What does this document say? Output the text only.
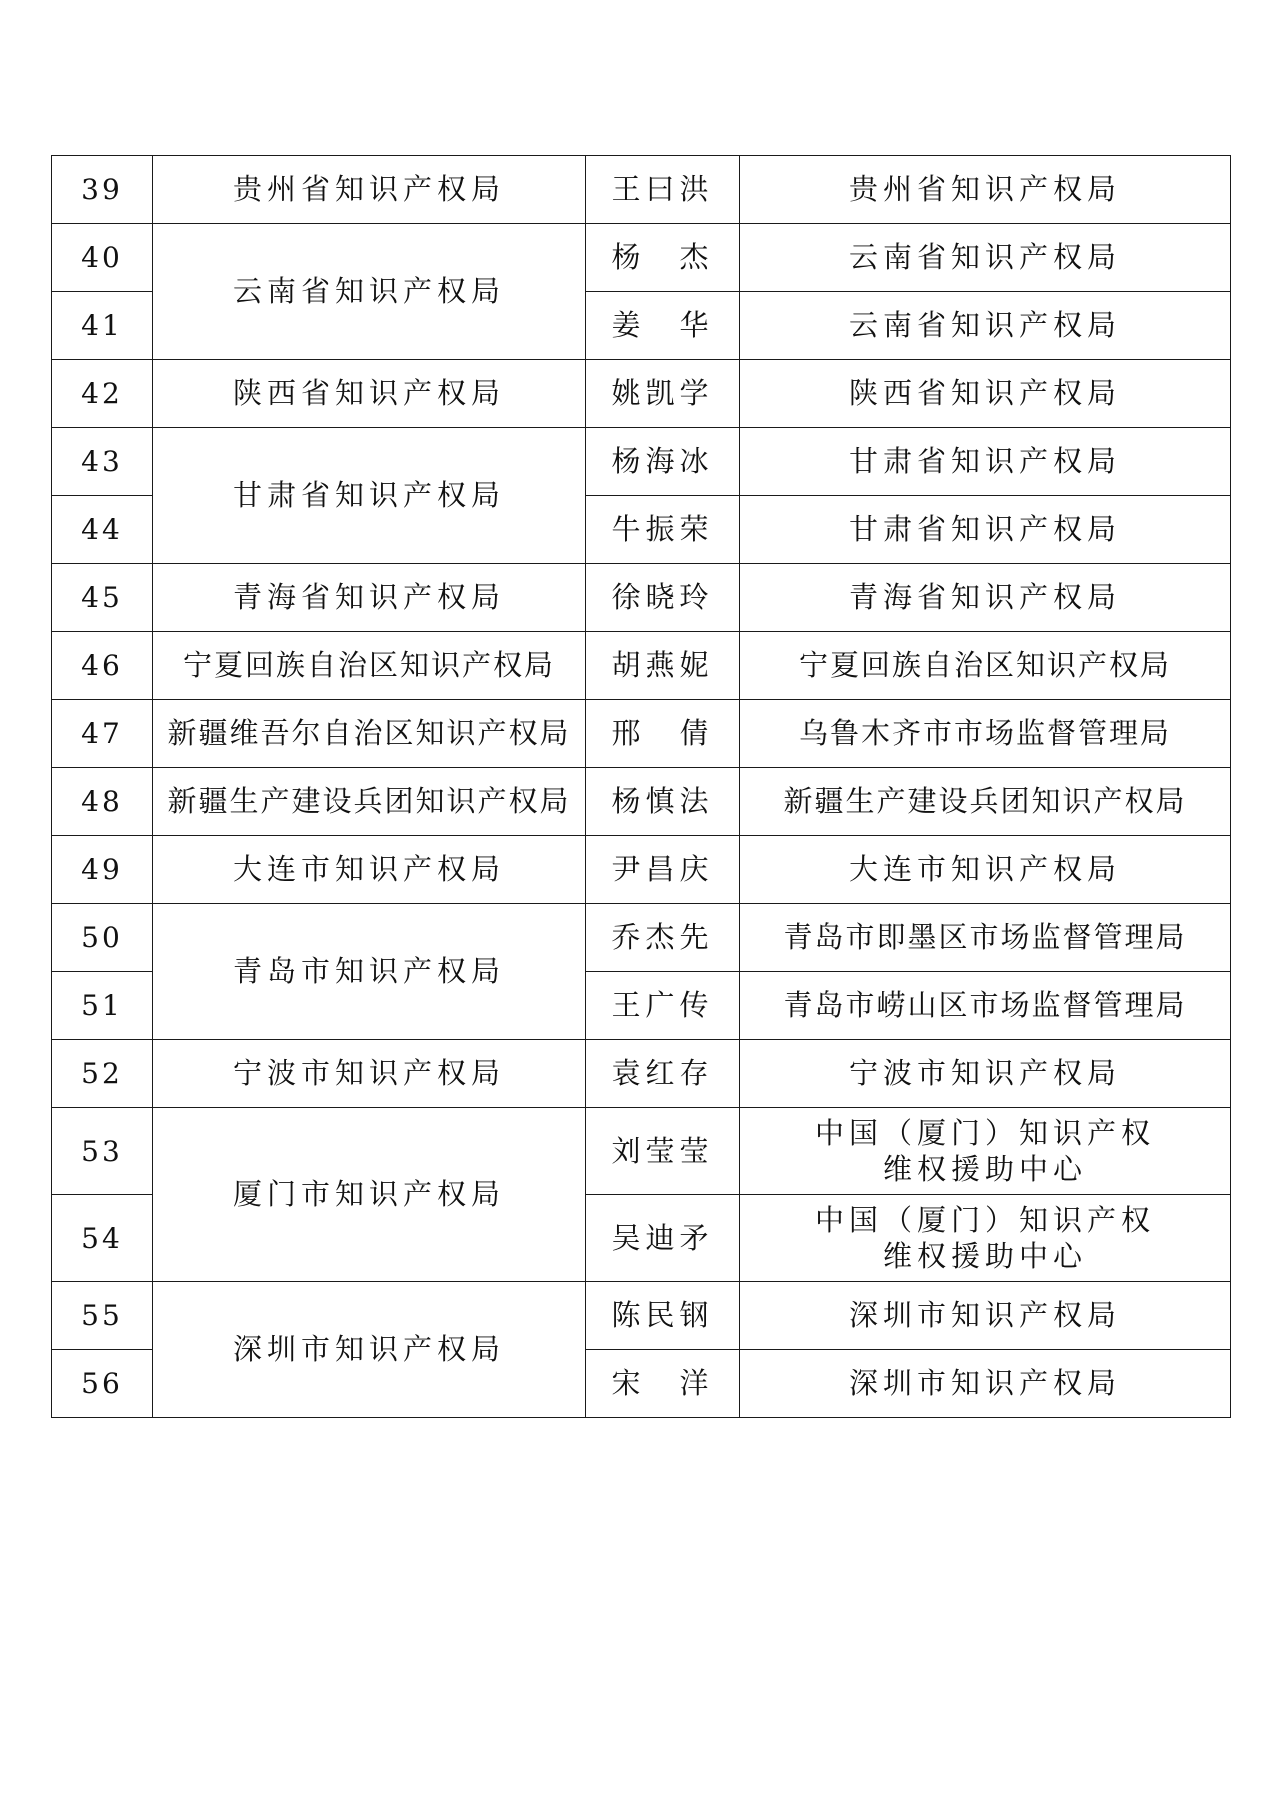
39	贵州省知识产权局	王曰洪	贵州省知识产权局
40	云南省知识产权局	杨　杰	云南省知识产权局
41		姜　华	云南省知识产权局
42	陕西省知识产权局	姚凯学	陕西省知识产权局
43	甘肃省知识产权局	杨海冰	甘肃省知识产权局
44		牛振荣	甘肃省知识产权局
45	青海省知识产权局	徐晓玲	青海省知识产权局
46	宁夏回族自治区知识产权局	胡燕妮	宁夏回族自治区知识产权局
47	新疆维吾尔自治区知识产权局	邢　倩	乌鲁木齐市市场监督管理局
48	新疆生产建设兵团知识产权局	杨慎法	新疆生产建设兵团知识产权局
49	大连市知识产权局	尹昌庆	大连市知识产权局
50	青岛市知识产权局	乔杰先	青岛市即墨区市场监督管理局
51		王广传	青岛市崂山区市场监督管理局
52	宁波市知识产权局	袁红存	宁波市知识产权局
53	厦门市知识产权局	刘莹莹	中国（厦门）知识产权
维权援助中心

54		吴迪矛	中国（厦门）知识产权
维权援助中心

55	深圳市知识产权局	陈民钢	深圳市知识产权局
56		宋　洋	深圳市知识产权局
